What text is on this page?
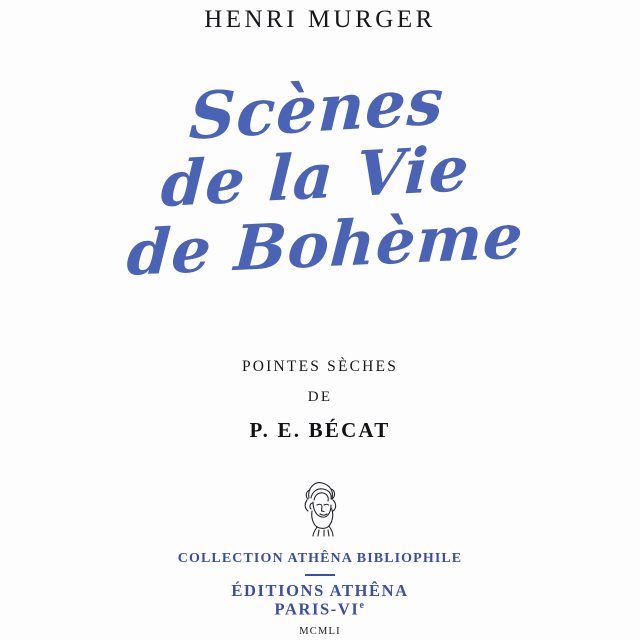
HENRI MURGER
Scènes
de la Vie
de Bohème
POINTES SÈCHES
DE
P. E. BÉCAT
COLLECTION ATHÊNA BIBLIOPHILE
ÉDITIONS ATHÊNA
PARIS-VIe
MCMLI
